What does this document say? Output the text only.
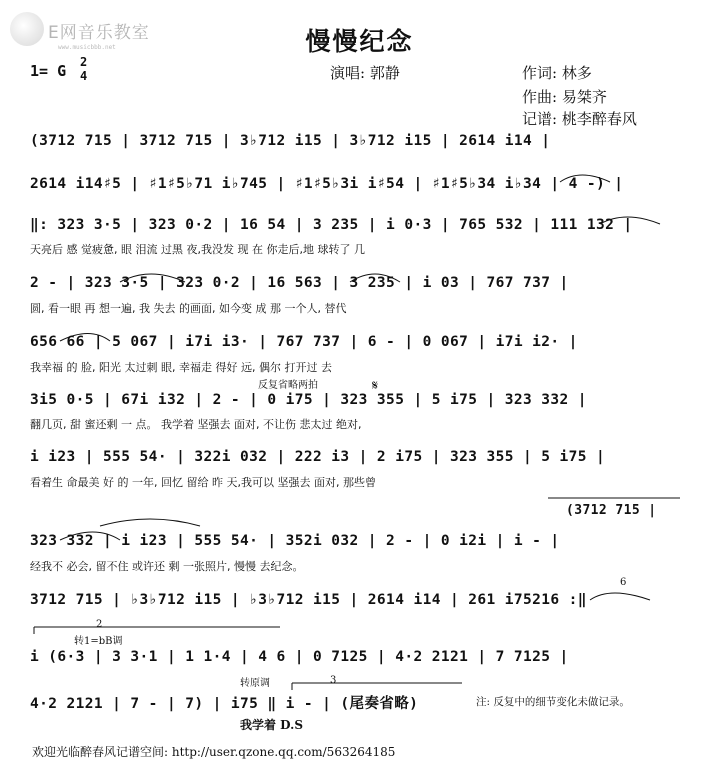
E网音乐教室
www.musicbbb.net	慢慢纪念
1= G 2
4	演唱: 郭静	作词: 林多
作曲: 易桀齐
记谱: 桃李醉春风
(3712 715 | 3712 715 | 3♭712 i15 | 3♭712 i15 | 2614 i14 |
2614 i14♯5 | ♯1♯5♭71 i♭745 | ♯1♯5♭3i i♯54 | ♯1♯5♭34 i♭34 | 4 -) |
‖: 323 3·5 | 323 0·2 | 16 54 | 3 235 | i 0·3 | 765 532 | 111 132 |
天亮后 感 觉疲惫, 眼 泪流 过黑 夜,我没发 现 在 你走后,地 球转了 几
2 - | 323 3·5 | 323 0·2 | 16 563 | 3 235 | i 03 | 767 737 |
圆, 看一眼 再 想一遍, 我 失去 的画面, 如今变 成 那 一个人, 替代
656 66 | 5 067 | i7i i3· | 767 737 | 6 - | 0 067 | i7i i2· |
我幸福 的 脸, 阳光 太过刺 眼, 幸福走 得好 远, 偶尔 打开过 去
反复省略两拍	𝄋
3i5 0·5 | 67i i32 | 2 - | 0 i75 | 323 355 | 5 i75 | 323 332 |
翻几页, 甜 蜜还剩 一 点。 我学着 坚强去 面对, 不让伤 悲太过 绝对,
i i23 | 555 54· | 322i 032 | 222 i3 | 2 i75 | 323 355 | 5 i75 |
看着生 命最美 好 的 一年, 回忆 留给 昨 天,我可以 坚强去 面对, 那些曾
(3712 715 |
323 332 | i i23 | 555 54· | 352i 032 | 2 - | 0 i2i | i - |
经我不 必会, 留不住 或许还 剩 一张照片, 慢慢 去纪念。
6
3712 715 | ♭3♭712 i15 | ♭3♭712 i15 | 2614 i14 | 261 i75216 :‖
2
转1=bB调
i (6·3 | 3 3·1 | 1 1·4 | 4 6 | 0 7125 | 4·2 2121 | 7 7125 |
转原调	3
4·2 2121 | 7 - | 7) | i75 ‖ i - | (尾奏省略)
我学着 D.S
注: 反复中的细节变化未做记录。
欢迎光临醉春风记谱空间: http://user.qzone.qq.com/563264185
